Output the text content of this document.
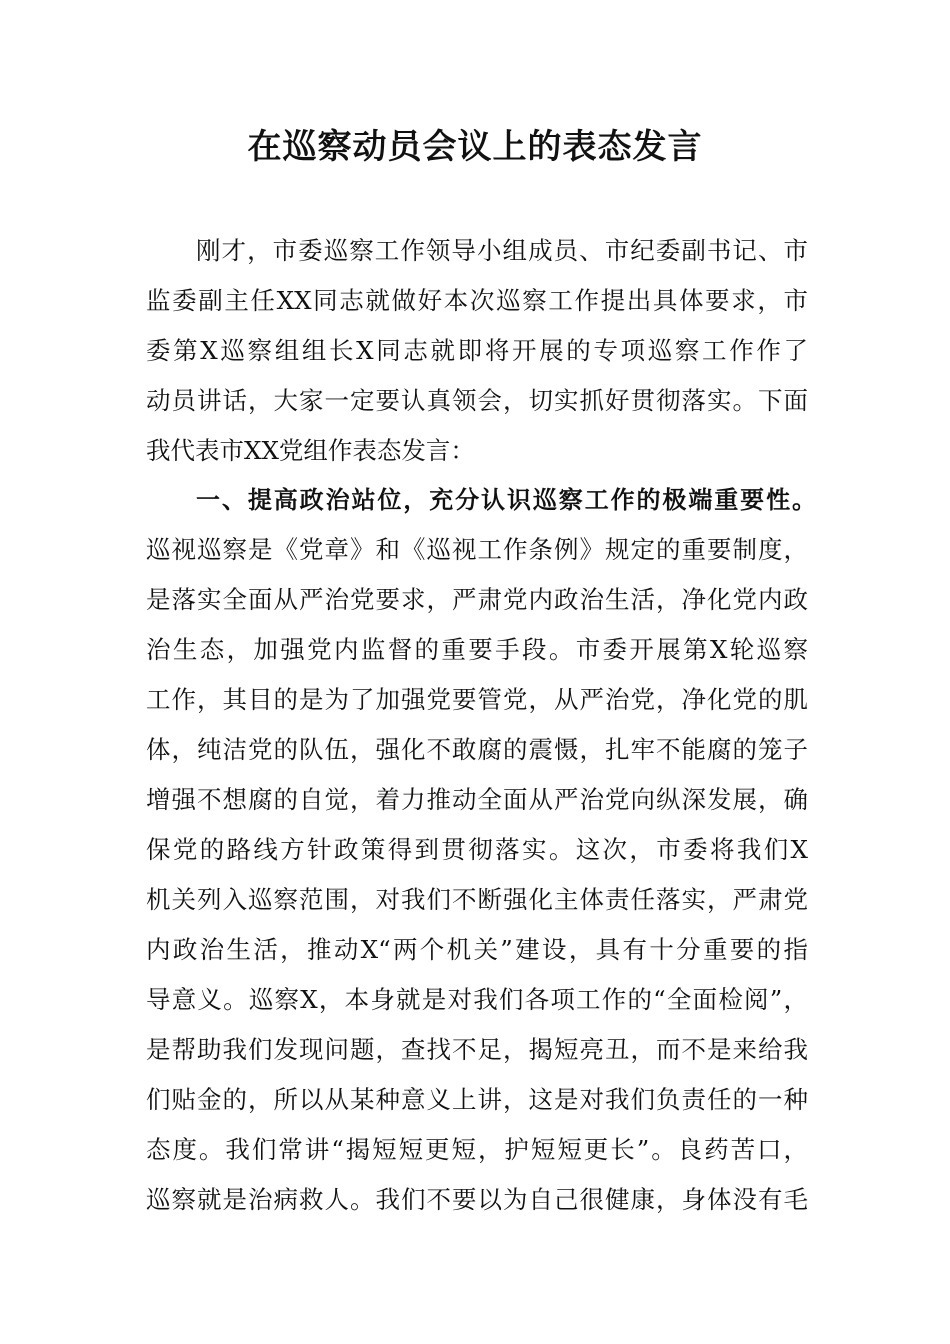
在巡察动员会议上的表态发言

刚才，市委巡察工作领导小组成员、市纪委副书记、市

监委副主任XX同志就做好本次巡察工作提出具体要求，市

委第X巡察组组长X同志就即将开展的专项巡察工作作了

动员讲话，大家一定要认真领会，切实抓好贯彻落实。下面

我代表市XX党组作表态发言：

一、提高政治站位，充分认识巡察工作的极端重要性。

巡视巡察是《党章》和《巡视工作条例》规定的重要制度，

是落实全面从严治党要求，严肃党内政治生活，净化党内政

治生态，加强党内监督的重要手段。市委开展第X轮巡察

工作，其目的是为了加强党要管党，从严治党，净化党的肌

体，纯洁党的队伍，强化不敢腐的震慑，扎牢不能腐的笼子

增强不想腐的自觉，着力推动全面从严治党向纵深发展，确

保党的路线方针政策得到贯彻落实。这次，市委将我们X

机关列入巡察范围，对我们不断强化主体责任落实，严肃党

内政治生活，推动X“两个机关”建设，具有十分重要的指

导意义。巡察X，本身就是对我们各项工作的“全面检阅”，

是帮助我们发现问题，查找不足，揭短亮丑，而不是来给我

们贴金的，所以从某种意义上讲，这是对我们负责任的一种

态度。我们常讲“揭短短更短，护短短更长”。良药苦口，

巡察就是治病救人。我们不要以为自己很健康，身体没有毛
